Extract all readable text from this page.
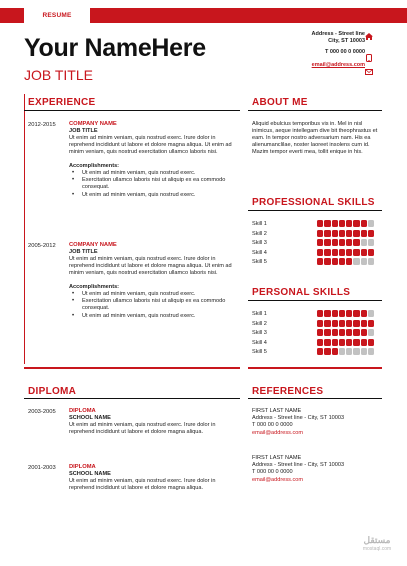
RESUME
Your NameHere
JOB TITLE
Address - Street line
City, ST 10003
T 000 00 0 0000
email@address.com
EXPERIENCE
2012-2015 COMPANY NAME
JOB TITLE
Ut enim ad minim veniam, quis nostrud exerc. Irure dolor in reprehend incididunt ut labore et dolore magna aliqua. Ut enim ad minim veniam, quis nostrud exercitation ullamco laboris nisi.
Accomplishments:
• Ut enim ad minim veniam, quis nostrud exerc.
• Exercitation ullamco laboris nisi ut aliquip ex ea commodo consequat.
• Ut enim ad minim veniam, quis nostrud exerc.
2005-2012 COMPANY NAME
JOB TITLE
Ut enim ad minim veniam, quis nostrud exerc. Irure dolor in reprehend incididunt ut labore et dolore magna aliqua. Ut enim ad minim veniam, quis nostrud exercitation ullamco laboris nisi.
Accomplishments:
• Ut enim ad minim veniam, quis nostrud exerc.
• Exercitation ullamco laboris nisi ut aliquip ex ea commodo consequat.
• Ut enim ad minim veniam, quis nostrud exerc.
ABOUT ME
Aliquid ebulcius temporibus vis in. Mel in nisl inimicus, aeque intellegam dive bit theophrastus et eam. In tempor nostro adversarium nam. His ea alienumanclilae, noster laoreet insolens cum id. Mazim tempor everti mea, tollit enique in his.
PROFESSIONAL SKILLS
Skill 1
Skill 2
Skill 3
Skill 4
Skill 5
PERSONAL SKILLS
Skill 1
Skill 2
Skill 3
Skill 4
Skill 5
DIPLOMA
2003-2005 DIPLOMA
SCHOOL NAME
Ut enim ad minim veniam, quis nostrud exerc. Irure dolor in reprehend incididunt ut labore et dolore magna aliqua.
2001-2003 DIPLOMA
SCHOOL NAME
Ut enim ad minim veniam, quis nostrud exerc. Irure dolor in reprehend incididunt ut labore et dolore magna aliqua.
REFERENCES
FIRST LAST NAME
Address - Street line - City, ST 10003
T 000 00 0 0000
email@address.com
FIRST LAST NAME
Address - Street line - City, ST 10003
T 000 00 0 0000
email@address.com
مستقل
mostaql.com
